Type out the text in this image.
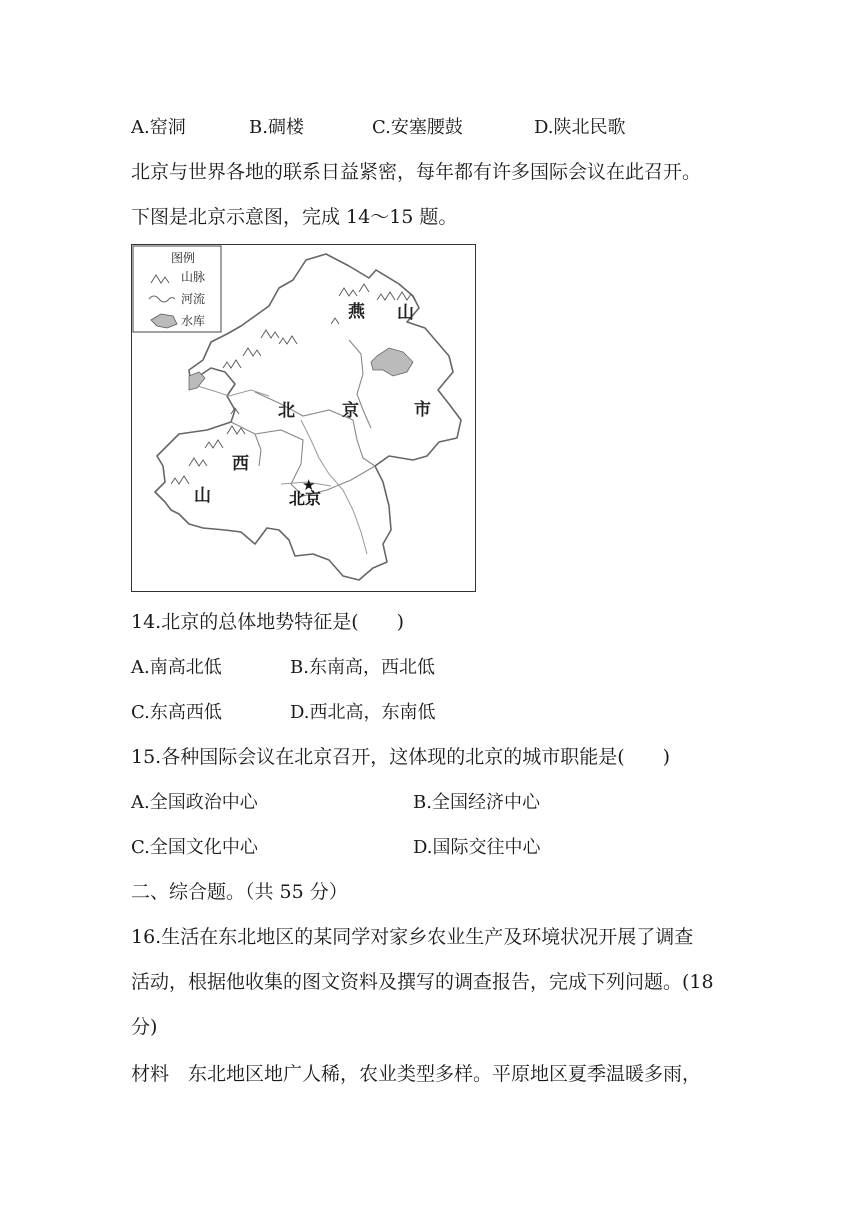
A.窑洞	B.碉楼	C.安塞腰鼓	D.陕北民歌
北京与世界各地的联系日益紧密，每年都有许多国际会议在此召开。
下图是北京示意图，完成 14～15 题。
图例
山脉
河流
水库	燕 山
北	京	市
西
山
★
北京
14.北京的总体地势特征是(　　)
A.南高北低	B.东南高，西北低
C.东高西低	D.西北高，东南低
15.各种国际会议在北京召开，这体现的北京的城市职能是(　　)
A.全国政治中心	B.全国经济中心
C.全国文化中心	D.国际交往中心
二、综合题。（共 55 分）
16.生活在东北地区的某同学对家乡农业生产及环境状况开展了调查
活动，根据他收集的图文资料及撰写的调查报告，完成下列问题。(18
分)
材料　东北地区地广人稀，农业类型多样。平原地区夏季温暖多雨，
